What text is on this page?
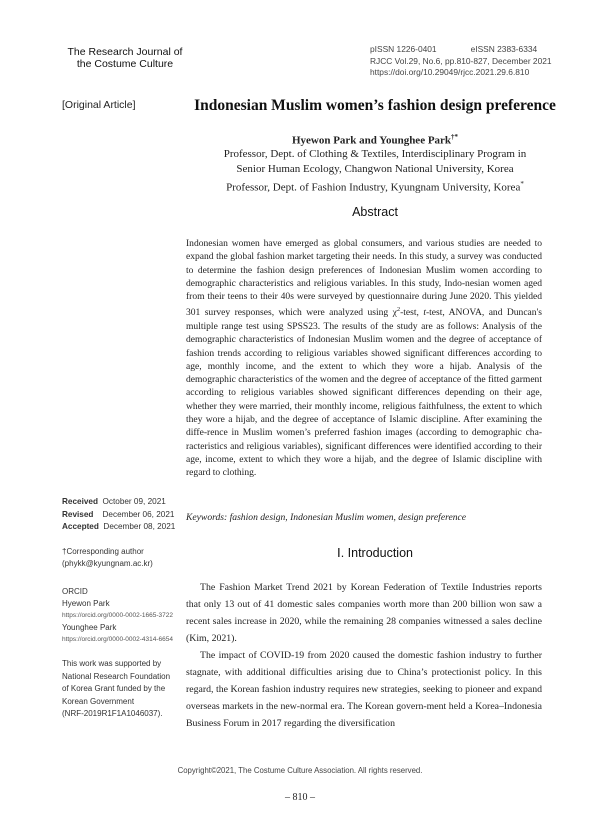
The Research Journal of
the Costume Culture
pISSN 1226-0401	eISSN 2383-6334
RJCC Vol.29, No.6, pp.810-827, December 2021
https://doi.org/10.29049/rjcc.2021.29.6.810
[Original Article]	Indonesian Muslim women’s fashion design preference
Hyewon Park and Younghee Park†*
Professor, Dept. of Clothing & Textiles, Interdisciplinary Program in
Senior Human Ecology, Changwon National University, Korea
Professor, Dept. of Fashion Industry, Kyungnam University, Korea*
Abstract
Indonesian women have emerged as global consumers, and various studies are needed to expand the global fashion market targeting their needs. In this study, a survey was conducted to determine the fashion design preferences of Indonesian Muslim women according to demographic characteristics and religious variables. In this study, Indo-nesian women aged from their teens to their 40s were surveyed by questionnaire during June 2020. This yielded 301 survey responses, which were analyzed using $\chi^2$-test, t-test, ANOVA, and Duncan's multiple range test using SPSS23. The results of the study are as follows: Analysis of the demographic characteristics of Indonesian Muslim women and the degree of acceptance of fashion trends according to religious variables showed significant differences according to age, monthly income, and the extent to which they wore a hijab. Analysis of the demographic characteristics of the women and the degree of acceptance of the fitted garment according to religious variables showed significant differences depending on their age, whether they were married, their monthly income, religious faithfulness, the extent to which they wore a hijab, and the degree of acceptance of Islamic discipline. After examining the diffe-rence in Muslim women’s preferred fashion images (according to demographic cha-racteristics and religious variables), significant differences were identified according to their age, income, extent to which they wore a hijab, and the degree of Islamic discipline with regard to clothing.
Keywords: fashion design, Indonesian Muslim women, design preference
Received October 09, 2021
Revised December 06, 2021
Accepted December 08, 2021
†Corresponding author
(phykk@kyungnam.ac.kr)
ORCID
Hyewon Park
https://orcid.org/0000-0002-1665-3722
Younghee Park
https://orcid.org/0000-0002-4314-6654
This work was supported by
National Research Foundation
of Korea Grant funded by the
Korean Government
(NRF-2019R1F1A1046037).
Ⅰ. Introduction

The Fashion Market Trend 2021 by Korean Federation of Textile Industries reports that only 13 out of 41 domestic sales companies worth more than 200 billion won saw a recent sales increase in 2020, while the remaining 28 companies witnessed a sales decline (Kim, 2021).

The impact of COVID-19 from 2020 caused the domestic fashion industry to further stagnate, with additional difficulties arising due to China’s protectionist policy. In this regard, the Korean fashion industry requires new strategies, seeking to pioneer and expand overseas markets in the new-normal era. The Korean govern-ment held a Korea–Indonesia Business Forum in 2017 regarding the diversification

Copyright©2021, The Costume Culture Association. All rights reserved.
– 810 –
